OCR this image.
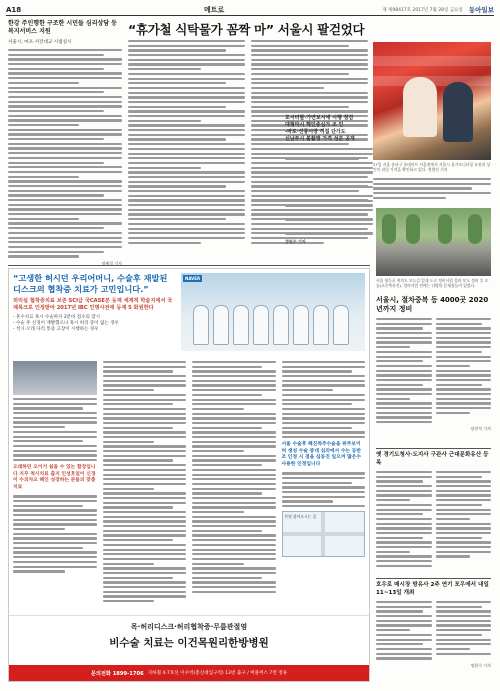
A18	메트로	제 제98417호 2017년 7월 28일 금요일 동아일보
한강 주인행한 구조한 시민들 심리상담 등 복지서비스 지원
서울시, 마포·서강대교 시범실시
정혜경 기자
“휴가철 식탁물가 꼼짝 마” 서울시 팔걷었다
포시터팔·가면보시에 시행 점검
대형마시 핵인중심가 조 인
-바로·선풍시장 직접 단가도
신남부시 불활맹 가격 성분 공개
정원수 기자
27일 서울 송파구 롯데마트 서울점에서 서울시 물가모니터링 요원과 상인이 과일 가격을 확인하고 있다. 정양진 기자
“고생한 허시던 우리어머니, 수술후 재발된 디스크의 협착증 치료가 고민입니다.”
허리실 협착증치료 보존 SCI급 국CASE분 등재 세계적 학술지에서 국제특크로 인정받아 2017년 IBC 인명사전에 등재 5 화원한다
- 혼수치료 혹시 수술하지 2분바 점수의 잠시
- 수술 후 신경이 재발했으나 혹시 허리 증이 없는 경우
- 척시·오래 다리 통증 고장이 시행하는 경우
NAVER
오래하던 오이거 쉽을 수 있는 합장입니다 지무 척시치료 출지 인성호일이 신경이 수의차오 해인 성장하는 분들의 맞춤치료
서울 수술후 해진척추수술을 위주보이며 생성 수술 중대 심의에서 수는 등반조 인정 시 점을 심동진 일으켜 많은수 사용한 인정입니다
본원 찾아오시는 길
목·허리디스크·허리협착증·무릎관절염
비수술 치료는 이건목원리한방병원
문의전화 1899-1706 지하철 4·7호선 이수역(총신대입구역) 13번 출구 / 버블버스 7번 정류
서울 영등포 여의도 모드길 일대 도로 정비사업 결과 보도 정비 후 모습(오른쪽사진). 정비사업 전에는 다양한 문제점들이 있었다.
서울시, 절차중복 등 4000곳 2020년까지 정비
장관석 기자
옛 경기도청사·도지사 구관사 근대문화유산 등록
호우로 매시장 방유사 2주 연기 포우에서 내일 11~13일 개최
정원수 기자
